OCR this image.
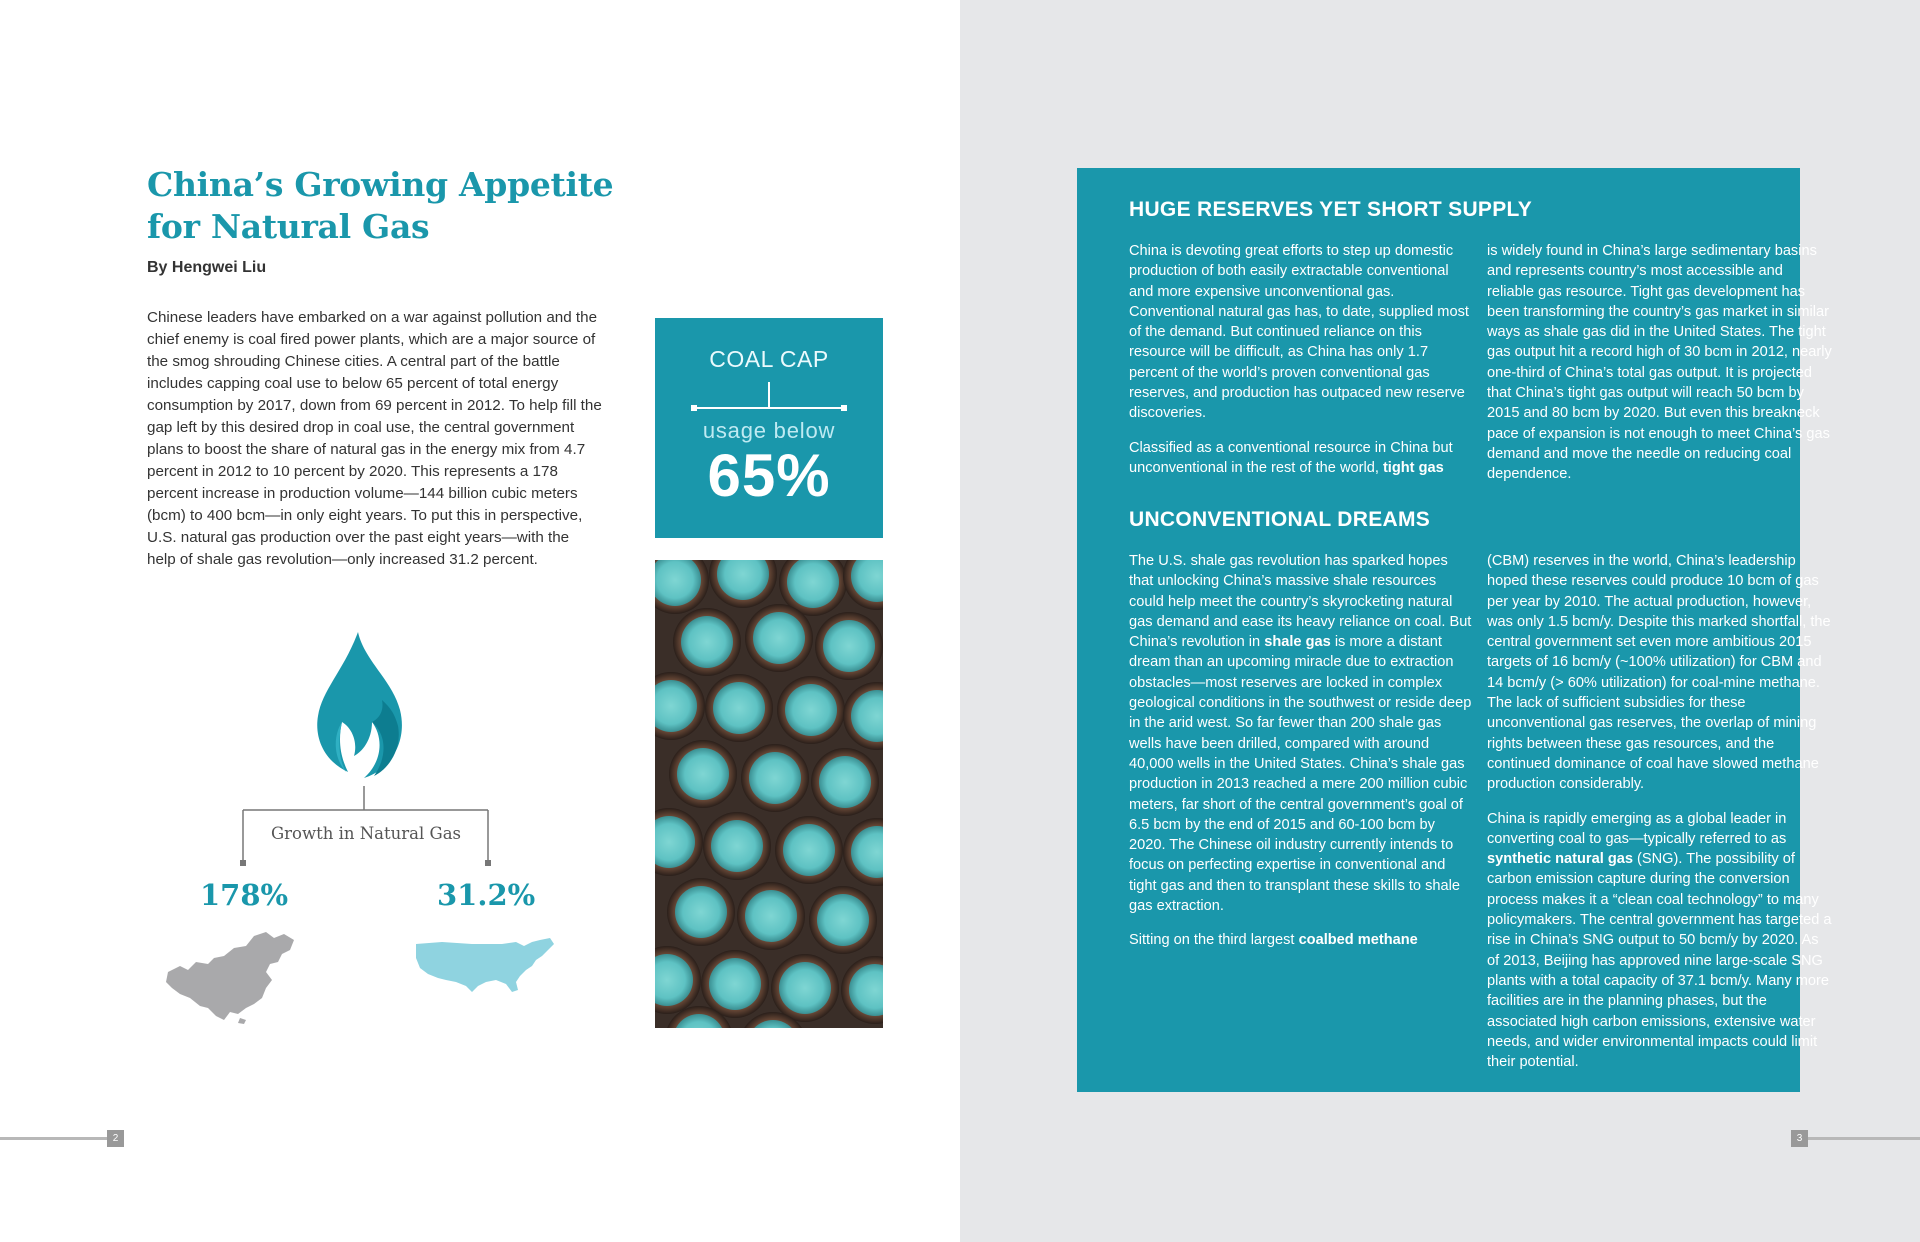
China’s Growing Appetite
for Natural Gas

By Hengwei Liu

Chinese leaders have embarked on a war against pollution and the chief enemy is coal fired power plants, which are a major source of the smog shrouding Chinese cities. A central part of the battle includes capping coal use to below 65 percent of total energy consumption by 2017, down from 69 percent in 2012. To help fill the gap left by this desired drop in coal use, the central government plans to boost the share of natural gas in the energy mix from 4.7 percent in 2012 to 10 percent by 2020. This represents a 178 percent increase in production volume—144 billion cubic meters (bcm) to 400 bcm—in only eight years. To put this in perspective, U.S. natural gas production over the past eight years—with the help of shale gas revolution—only increased 31.2 percent.

COAL CAP
usage below
65%
Growth in Natural Gas
178%	31.2%
2	3
HUGE RESERVES YET SHORT SUPPLY

China is devoting great efforts to step up domestic production of both easily extractable conventional and more expensive unconventional gas. Conventional natural gas has, to date, supplied most of the demand. But continued reliance on this resource will be difficult, as China has only 1.7 percent of the world’s proven conventional gas reserves, and production has outpaced new reserve discoveries.

Classified as a conventional resource in China but unconventional in the rest of the world, tight gas

is widely found in China’s large sedimentary basins and represents country’s most accessible and reliable gas resource. Tight gas development has been transforming the country’s gas market in similar ways as shale gas did in the United States. The tight gas output hit a record high of 30 bcm in 2012, nearly one-third of China’s total gas output. It is projected that China’s tight gas output will reach 50 bcm by 2015 and 80 bcm by 2020. But even this breakneck pace of expansion is not enough to meet China’s gas demand and move the needle on reducing coal dependence.

UNCONVENTIONAL DREAMS

The U.S. shale gas revolution has sparked hopes that unlocking China’s massive shale resources could help meet the country’s skyrocketing natural gas demand and ease its heavy reliance on coal. But China’s revolution in shale gas is more a distant dream than an upcoming miracle due to extraction obstacles—most reserves are locked in complex geological conditions in the southwest or reside deep in the arid west. So far fewer than 200 shale gas wells have been drilled, compared with around 40,000 wells in the United States. China’s shale gas production in 2013 reached a mere 200 million cubic meters, far short of the central government’s goal of 6.5 bcm by the end of 2015 and 60-100 bcm by 2020. The Chinese oil industry currently intends to focus on perfecting expertise in conventional and tight gas and then to transplant these skills to shale gas extraction.

Sitting on the third largest coalbed methane

(CBM) reserves in the world, China’s leadership hoped these reserves could produce 10 bcm of gas per year by 2010. The actual production, however, was only 1.5 bcm/y. Despite this marked shortfall, the central government set even more ambitious 2015 targets of 16 bcm/y (~100% utilization) for CBM and 14 bcm/y (> 60% utilization) for coal-mine methane. The lack of sufficient subsidies for these unconventional gas reserves, the overlap of mining rights between these gas resources, and the continued dominance of coal have slowed methane production considerably.

China is rapidly emerging as a global leader in converting coal to gas—typically referred to as synthetic natural gas (SNG). The possibility of carbon emission capture during the conversion process makes it a “clean coal technology” to many policymakers. The central government has targeted a rise in China’s SNG output to 50 bcm/y by 2020. As of 2013, Beijing has approved nine large-scale SNG plants with a total capacity of 37.1 bcm/y. Many more facilities are in the planning phases, but the associated high carbon emissions, extensive water needs, and wider environmental impacts could limit their potential.
